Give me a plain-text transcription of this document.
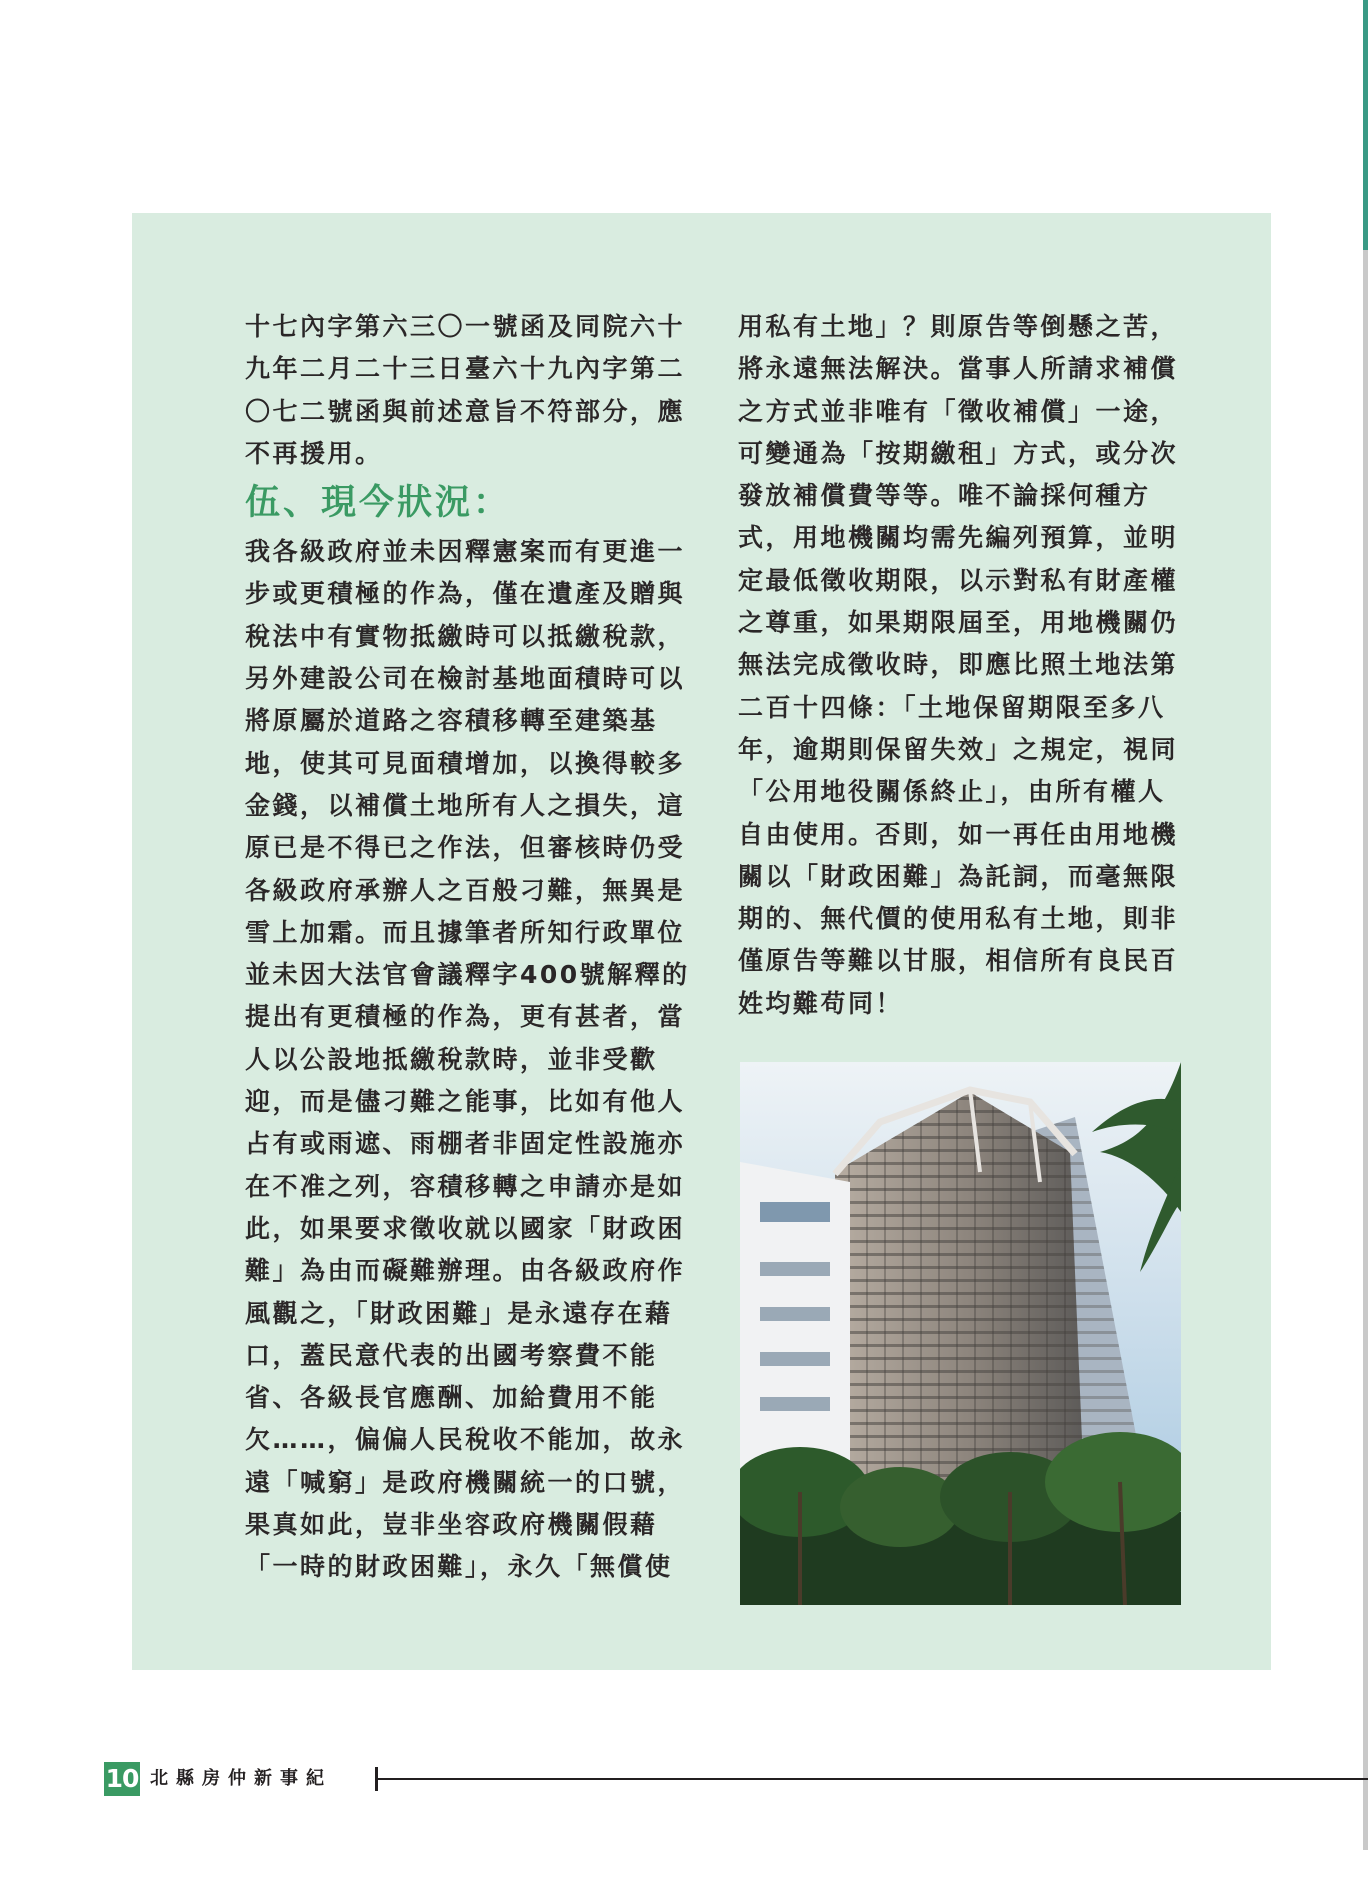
十七內字第六三〇一號函及同院六十
九年二月二十三日臺六十九內字第二
〇七二號函與前述意旨不符部分，應
不再援用。
伍、現今狀況：
我各級政府並未因釋憲案而有更進一
步或更積極的作為，僅在遺產及贈與
稅法中有實物抵繳時可以抵繳稅款，
另外建設公司在檢討基地面積時可以
將原屬於道路之容積移轉至建築基
地，使其可見面積增加，以換得較多
金錢，以補償土地所有人之損失，這
原已是不得已之作法，但審核時仍受
各級政府承辦人之百般刁難，無異是
雪上加霜。而且據筆者所知行政單位
並未因大法官會議釋字400號解釋的
提出有更積極的作為，更有甚者，當
人以公設地抵繳稅款時，並非受歡
迎，而是儘刁難之能事，比如有他人
占有或雨遮、雨棚者非固定性設施亦
在不准之列，容積移轉之申請亦是如
此，如果要求徵收就以國家「財政困
難」為由而礙難辦理。由各級政府作
風觀之，「財政困難」是永遠存在藉
口，蓋民意代表的出國考察費不能
省、各級長官應酬、加給費用不能
欠……，偏偏人民稅收不能加，故永
遠「喊窮」是政府機關統一的口號，
果真如此，豈非坐容政府機關假藉
「一時的財政困難」，永久「無償使
用私有土地」？則原告等倒懸之苦，
將永遠無法解決。當事人所請求補償
之方式並非唯有「徵收補償」一途，
可變通為「按期繳租」方式，或分次
發放補償費等等。唯不論採何種方
式，用地機關均需先編列預算，並明
定最低徵收期限，以示對私有財產權
之尊重，如果期限屆至，用地機關仍
無法完成徵收時，即應比照土地法第
二百十四條：「土地保留期限至多八
年，逾期則保留失效」之規定，視同
「公用地役關係終止」，由所有權人
自由使用。否則，如一再任由用地機
關以「財政困難」為託詞，而毫無限
期的、無代價的使用私有土地，則非
僅原告等難以甘服，相信所有良民百
姓均難苟同！
10 北縣房仲新事紀
